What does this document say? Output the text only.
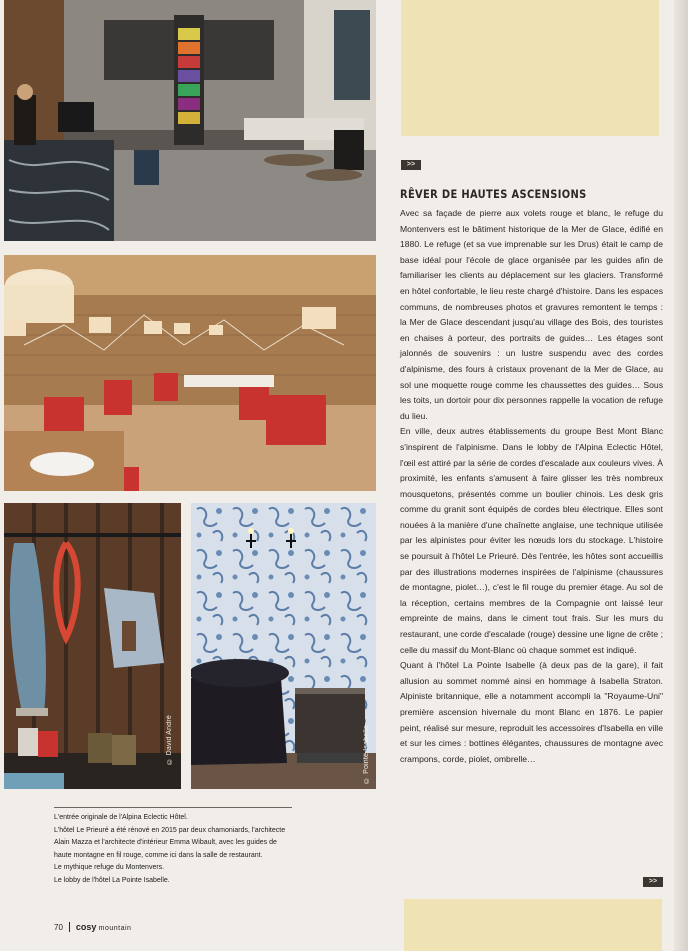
© David André	© Pointe Isabelle

L'entrée originale de l'Alpina Eclectic Hôtel.

L'hôtel Le Prieuré a été rénové en 2015 par deux chamoniards, l'architecte

Alain Mazza et l'architecte d'intérieur Emma Wibault, avec les guides de

haute montagne en fil rouge, comme ici dans la salle de restaurant.

Le mythique refuge du Montenvers.

Le lobby de l'hôtel La Pointe Isabelle.

70 cosy mountain
>>
RÊVER DE HAUTES ASCENSIONS

Avec sa façade de pierre aux volets rouge et blanc, le refuge du Montenvers est le bâtiment historique de la Mer de Glace, édifié en 1880. Le refuge (et sa vue imprenable sur les Drus) était le camp de base idéal pour l'école de glace organisée par les guides afin de familiariser les clients au déplacement sur les glaciers. Transformé en hôtel confortable, le lieu reste chargé d'histoire. Dans les espaces communs, de nombreuses photos et gravures remontent le temps : la Mer de Glace descendant jusqu'au village des Bois, des touristes en chaises à porteur, des portraits de guides… Les étages sont jalonnés de souvenirs : un lustre suspendu avec des cordes d'alpinisme, des fours à cristaux provenant de la Mer de Glace, au sol une moquette rouge comme les chaussettes des guides… Sous les toits, un dortoir pour dix personnes rappelle la vocation de refuge du lieu.

En ville, deux autres établissements du groupe Best Mont Blanc s'inspirent de l'alpinisme. Dans le lobby de l'Alpina Eclectic Hôtel, l'œil est attiré par la série de cordes d'escalade aux couleurs vives. À proximité, les enfants s'amusent à faire glisser les très nombreux mousquetons, présentés comme un boulier chinois. Les desk gris comme du granit sont équipés de cordes bleu électrique. Elles sont nouées à la manière d'une chaînette anglaise, une technique utilisée par les alpinistes pour éviter les nœuds lors du stockage. L'histoire se poursuit à l'hôtel Le Prieuré. Dès l'entrée, les hôtes sont accueillis par des illustrations modernes inspirées de l'alpinisme (chaussures de montagne, piolet…), c'est le fil rouge du premier étage. Au sol de la réception, certains membres de la Compagnie ont laissé leur empreinte de mains, dans le ciment tout frais. Sur les murs du restaurant, une corde d'escalade (rouge) dessine une ligne de crête ; celle du massif du Mont-Blanc où chaque sommet est indiqué.

Quant à l'hôtel La Pointe Isabelle (à deux pas de la gare), il fait allusion au sommet nommé ainsi en hommage à Isabella Straton. Alpiniste britannique, elle a notamment accompli la "Royaume-Uni" première ascension hivernale du mont Blanc en 1876. Le papier peint, réalisé sur mesure, reproduit les accessoires d'Isabella en ville et sur les cimes : bottines élégantes, chaussures de montagne avec crampons, corde, piolet, ombrelle…

>>
